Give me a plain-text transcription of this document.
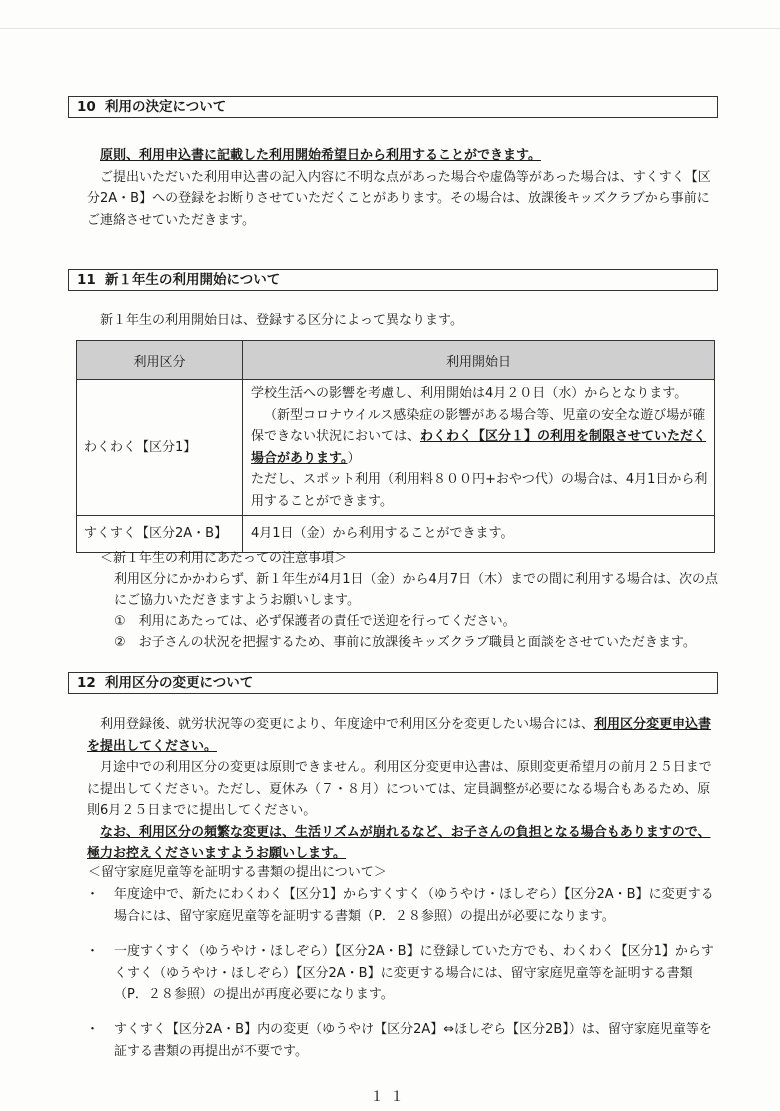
10 利用の決定について
原則、利用申込書に記載した利用開始希望日から利用することができます。
ご提出いただいた利用申込書の記入内容に不明な点があった場合や虚偽等があった場合は、すくすく【区分2A・B】への登録をお断りさせていただくことがあります。その場合は、放課後キッズクラブから事前にご連絡させていただきます。
11 新１年生の利用開始について
新１年生の利用開始日は、登録する区分によって異なります。
利用区分	利用開始日
わくわく【区分1】	学校生活への影響を考慮し、利用開始は4月２０日（水）からとなります。
（新型コロナウイルス感染症の影響がある場合等、児童の安全な遊び場が確保できない状況においては、わくわく【区分１】の利用を制限させていただく場合があります。）
ただし、スポット利用（利用料８００円+おやつ代）の場合は、4月1日から利用することができます。

すくすく【区分2A・B】	4月1日（金）から利用することができます。
＜新１年生の利用にあたっての注意事項＞
利用区分にかかわらず、新１年生が4月1日（金）から4月7日（木）までの間に利用する場合は、次の点にご協力いただきますようお願いします。
①　利用にあたっては、必ず保護者の責任で送迎を行ってください。
②　お子さんの状況を把握するため、事前に放課後キッズクラブ職員と面談をさせていただきます。
12 利用区分の変更について
利用登録後、就労状況等の変更により、年度途中で利用区分を変更したい場合には、利用区分変更申込書を提出してください。
月途中での利用区分の変更は原則できません。利用区分変更申込書は、原則変更希望月の前月２５日までに提出してください。ただし、夏休み（７・８月）については、定員調整が必要になる場合もあるため、原則6月２５日までに提出してください。
なお、利用区分の頻繁な変更は、生活リズムが崩れるなど、お子さんの負担となる場合もありますので、極力お控えくださいますようお願いします。
＜留守家庭児童等を証明する書類の提出について＞
・ 年度途中で、新たにわくわく【区分1】からすくすく（ゆうやけ・ほしぞら）【区分2A・B】に変更する場合には、留守家庭児童等を証明する書類（P．２８参照）の提出が必要になります。
・ 一度すくすく（ゆうやけ・ほしぞら）【区分2A・B】に登録していた方でも、わくわく【区分1】からすくすく（ゆうやけ・ほしぞら）【区分2A・B】に変更する場合には、留守家庭児童等を証明する書類（P．２８参照）の提出が再度必要になります。
・ すくすく【区分2A・B】内の変更（ゆうやけ【区分2A】⇔ほしぞら【区分2B】）は、留守家庭児童等を証する書類の再提出が不要です。
１１
